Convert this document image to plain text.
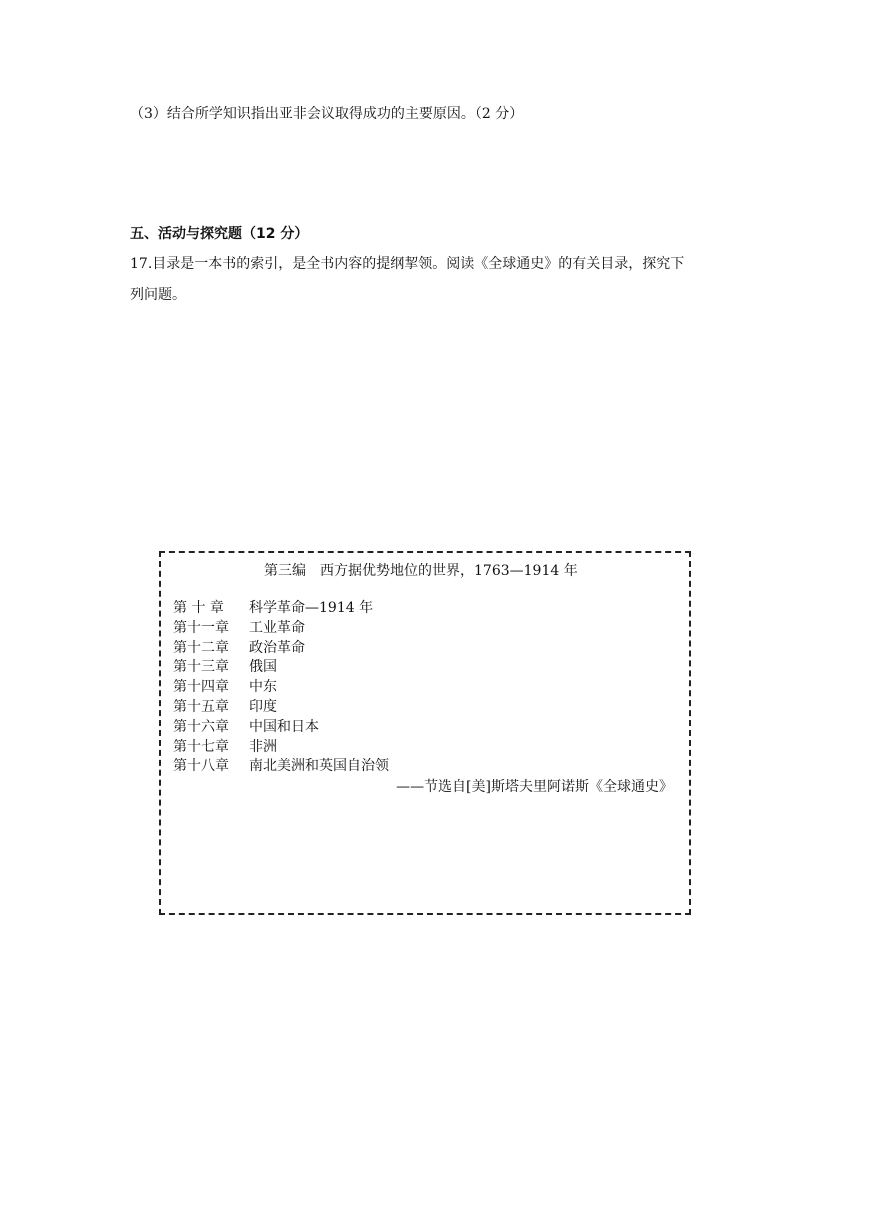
（3）结合所学知识指出亚非会议取得成功的主要原因。（2 分）
五、活动与探究题（12 分）
17.目录是一本书的索引，是全书内容的提纲挈领。阅读《全球通史》的有关目录，探究下
列问题。
第三编　西方据优势地位的世界，1763—1914 年
第 十 章	科学革命—1914 年
第十一章	工业革命
第十二章	政治革命
第十三章	俄国
第十四章	中东
第十五章	印度
第十六章	中国和日本
第十七章	非洲
第十八章	南北美洲和英国自治领
——节选自[美]斯塔夫里阿诺斯《全球通史》
